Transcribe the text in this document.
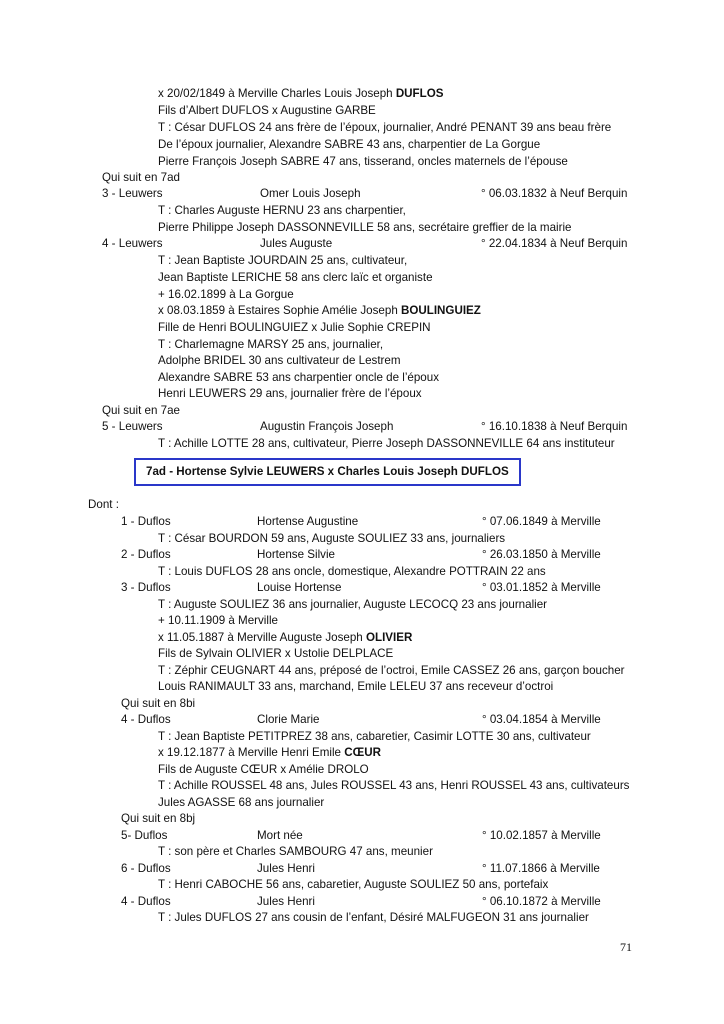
x 20/02/1849 à Merville Charles Louis Joseph DUFLOS
Fils d’Albert DUFLOS x Augustine GARBE
T : César DUFLOS 24 ans frère de l’époux, journalier, André PENANT 39 ans beau frère
De l’époux journalier, Alexandre SABRE 43 ans, charpentier de La Gorgue
Pierre François Joseph SABRE 47 ans, tisserand, oncles maternels de l’épouse
Qui suit en 7ad
3 - Leuwers	Omer Louis Joseph	° 06.03.1832 à Neuf Berquin
T : Charles Auguste HERNU 23 ans charpentier,
Pierre Philippe Joseph DASSONNEVILLE 58 ans, secrétaire greffier de la mairie
4 - Leuwers	Jules Auguste	° 22.04.1834 à Neuf Berquin
T : Jean Baptiste JOURDAIN 25 ans, cultivateur,
Jean Baptiste LERICHE 58 ans clerc laïc et organiste
+ 16.02.1899 à La Gorgue
x 08.03.1859 à Estaires Sophie Amélie Joseph BOULINGUIEZ
Fille de Henri BOULINGUIEZ x Julie Sophie CREPIN
T : Charlemagne MARSY 25 ans, journalier,
Adolphe BRIDEL 30 ans cultivateur de Lestrem
Alexandre SABRE 53 ans charpentier oncle de l’époux
Henri LEUWERS 29 ans, journalier frère de l’époux
Qui suit en 7ae
5 - Leuwers	Augustin François Joseph	° 16.10.1838 à Neuf Berquin
T : Achille LOTTE 28 ans, cultivateur, Pierre Joseph DASSONNEVILLE 64 ans instituteur
7ad - Hortense Sylvie LEUWERS x Charles Louis Joseph DUFLOS
Dont :
1 - Duflos	Hortense Augustine	° 07.06.1849 à Merville
T : César BOURDON 59 ans, Auguste SOULIEZ 33 ans, journaliers
2 - Duflos	Hortense Silvie	° 26.03.1850 à Merville
T : Louis DUFLOS 28 ans oncle, domestique, Alexandre POTTRAIN 22 ans
3 - Duflos	Louise Hortense	° 03.01.1852 à Merville
T : Auguste SOULIEZ 36 ans journalier, Auguste LECOCQ 23 ans journalier
+ 10.11.1909 à Merville
x 11.05.1887 à Merville Auguste Joseph OLIVIER
Fils de Sylvain OLIVIER x Ustolie DELPLACE
T : Zéphir CEUGNART 44 ans, préposé de l’octroi, Emile CASSEZ 26 ans, garçon boucher
Louis RANIMAULT 33 ans, marchand, Emile LELEU 37 ans receveur d’octroi
Qui suit en 8bi
4 - Duflos	Clorie Marie	° 03.04.1854 à Merville
T : Jean Baptiste PETITPREZ 38 ans, cabaretier, Casimir LOTTE 30 ans, cultivateur
x 19.12.1877 à Merville Henri Emile CŒUR
Fils de Auguste CŒUR x Amélie DROLO
T : Achille ROUSSEL 48 ans, Jules ROUSSEL 43 ans, Henri ROUSSEL 43 ans, cultivateurs
Jules AGASSE 68 ans journalier
Qui suit en 8bj
5- Duflos	Mort née	° 10.02.1857 à Merville
T : son père et Charles SAMBOURG 47 ans, meunier
6 - Duflos	Jules Henri	° 11.07.1866 à Merville
T : Henri CABOCHE 56 ans, cabaretier, Auguste SOULIEZ 50 ans, portefaix
4 - Duflos	Jules Henri	° 06.10.1872 à Merville
T : Jules DUFLOS 27 ans cousin de l’enfant, Désiré MALFUGEON 31 ans journalier
71
